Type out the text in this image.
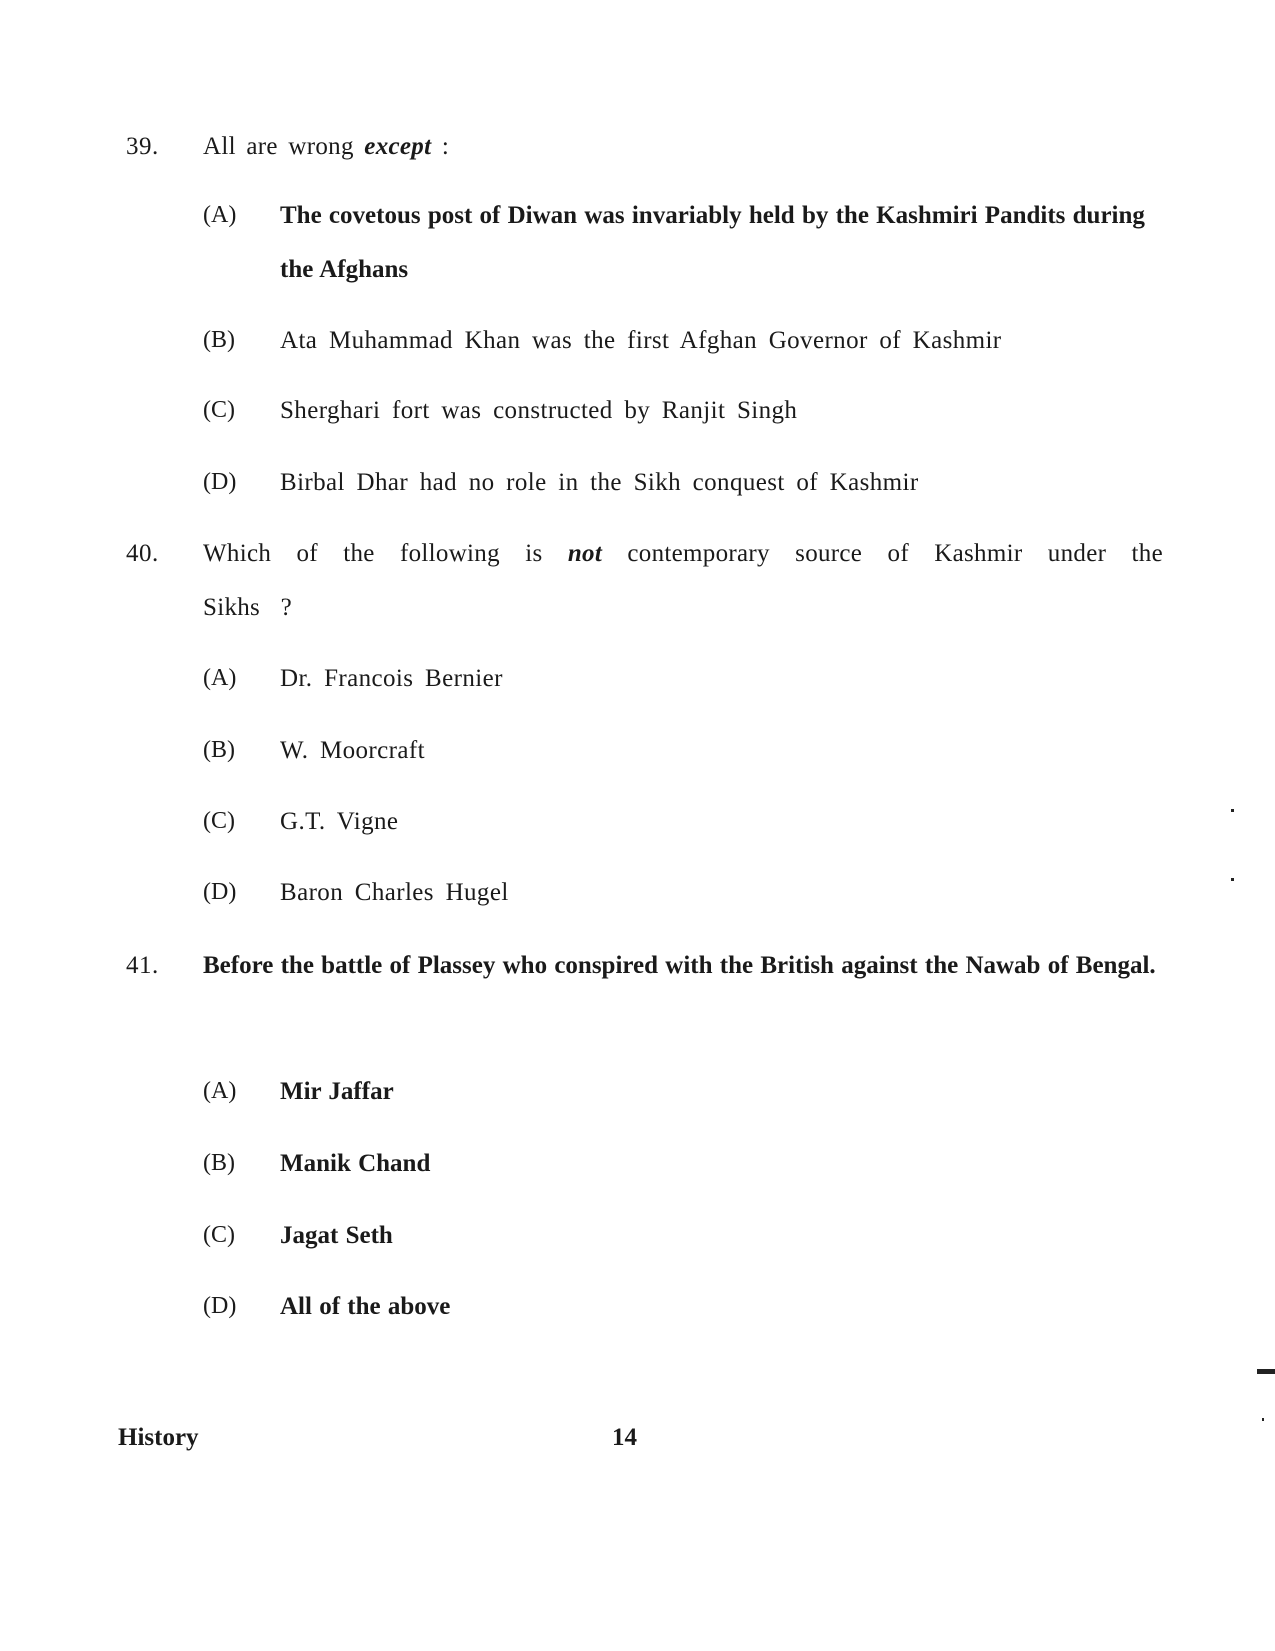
39. All are wrong except :
(A) The covetous post of Diwan was invariably held by the Kashmiri Pandits during the Afghans
(B) Ata Muhammad Khan was the first Afghan Governor of Kashmir
(C) Sherghari fort was constructed by Ranjit Singh
(D) Birbal Dhar had no role in the Sikh conquest of Kashmir
40. Which of the following is not contemporary source of Kashmir under the Sikhs ?
(A) Dr. Francois Bernier
(B) W. Moorcraft
(C) G.T. Vigne
(D) Baron Charles Hugel
41. Before the battle of Plassey who conspired with the British against the Nawab of Bengal.
(A) Mir Jaffar
(B) Manik Chand
(C) Jagat Seth
(D) All of the above
History	14
